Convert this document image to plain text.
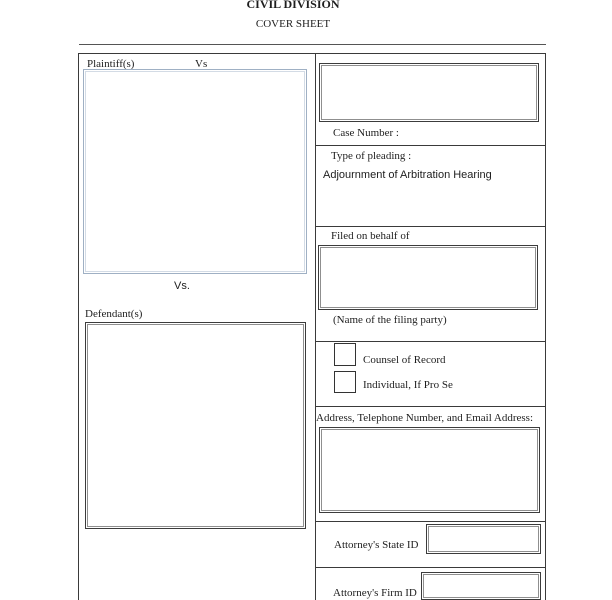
CIVIL DIVISION
COVER SHEET
Plaintiff(s)	Vs
Vs.
Defendant(s)
Case Number :
Type of pleading :
Adjournment of Arbitration Hearing
Filed on behalf of
(Name of the filing party)
Counsel of Record
Individual, If Pro Se
Address, Telephone Number, and Email Address:
Attorney's State ID
Attorney's Firm ID
